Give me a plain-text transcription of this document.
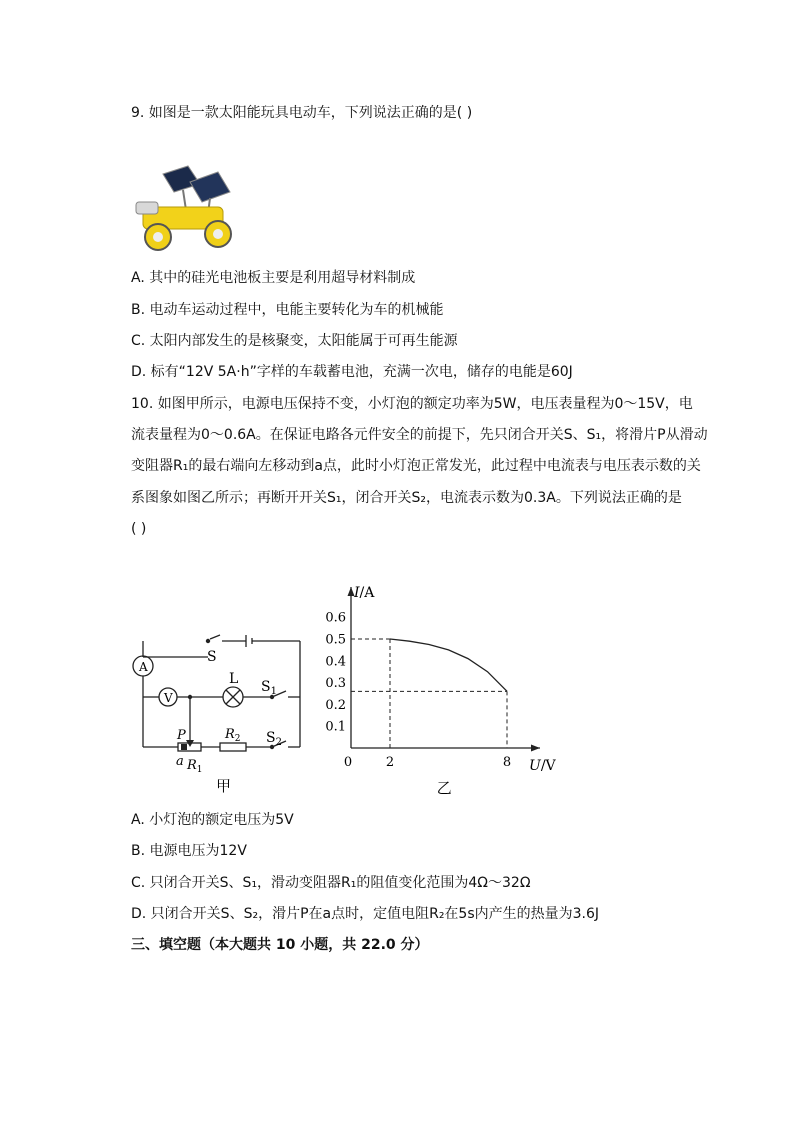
9. 如图是一款太阳能玩具电动车，下列说法正确的是( )
A. 其中的硅光电池板主要是利用超导材料制成
B. 电动车运动过程中，电能主要转化为车的机械能
C. 太阳内部发生的是核聚变，太阳能属于可再生能源
D. 标有“12V 5A·h”字样的车载蓄电池，充满一次电，储存的电能是60J
10. 如图甲所示，电源电压保持不变，小灯泡的额定功率为5W，电压表量程为0～15V，电
流表量程为0～0.6A。在保证电路各元件安全的前提下，先只闭合开关S、S₁，将滑片P从滑动
变阻器R₁的最右端向左移动到a点，此时小灯泡正常发光，此过程中电流表与电压表示数的关
系图象如图乙所示；再断开开关S₁，闭合开关S₂，电流表示数为0.3A。下列说法正确的是
( )
S
L $S_1$
$S_2$
A
V
P
a $R_1$
$R_2$
甲
I/A
U/V
0.1
0.2
0.3
0.4
0.5
0.6
0	2	8
乙
A. 小灯泡的额定电压为5V
B. 电源电压为12V
C. 只闭合开关S、S₁，滑动变阻器R₁的阻值变化范围为4Ω～32Ω
D. 只闭合开关S、S₂，滑片P在a点时，定值电阻R₂在5s内产生的热量为3.6J
三、填空题（本大题共 10 小题，共 22.0 分）
